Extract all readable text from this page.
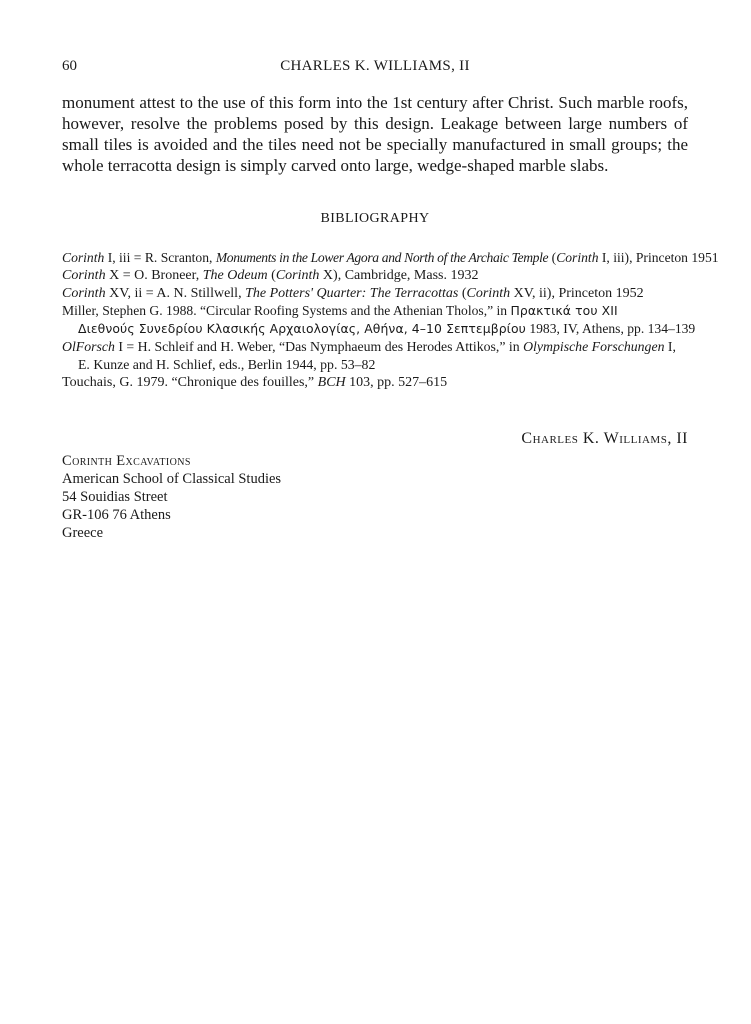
60	CHARLES K. WILLIAMS, II
monument attest to the use of this form into the 1st century after Christ. Such marble roofs,
however, resolve the problems posed by this design. Leakage between large numbers of
small tiles is avoided and the tiles need not be specially manufactured in small groups; the
whole terracotta design is simply carved onto large, wedge-shaped marble slabs.
BIBLIOGRAPHY
Corinth I, iii = R. Scranton, Monuments in the Lower Agora and North of the Archaic Temple (Corinth I, iii), Princeton 1951
Corinth X = O. Broneer, The Odeum (Corinth X), Cambridge, Mass. 1932
Corinth XV, ii = A. N. Stillwell, The Potters' Quarter: The Terracottas (Corinth XV, ii), Princeton 1952
Miller, Stephen G. 1988. “Circular Roofing Systems and the Athenian Tholos,” in Πρακτικά του XII
Διεθνούς Συνεδρίου Κλασικής Αρχαιολογίας, Αθήνα, 4–10 Σεπτεμβρίου 1983, IV, Athens, pp. 134–139
OlForsch I = H. Schleif and H. Weber, “Das Nymphaeum des Herodes Attikos,” in Olympische Forschungen I,
E. Kunze and H. Schlief, eds., Berlin 1944, pp. 53–82
Touchais, G. 1979. “Chronique des fouilles,” BCH 103, pp. 527–615
Charles K. Williams, II
Corinth Excavations
American School of Classical Studies
54 Souidias Street
GR-106 76 Athens
Greece
